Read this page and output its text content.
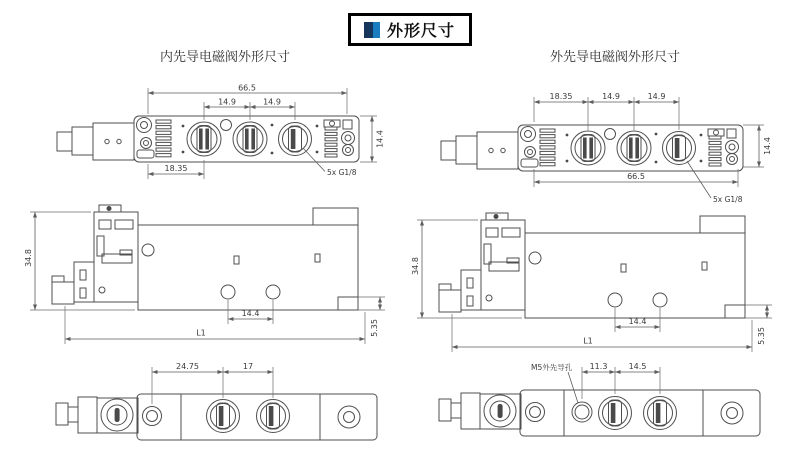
外形尺寸
内先导电磁阀外形尺寸	外先导电磁阀外形尺寸
66.5
14.9	14.9
18.35	5x G1/8
14.4
18.35	14.9	14.9
66.5
5x G1/8
14.4
34.8
14.4
L1	5.35
34.8
14.4
L1	5.35
24.75	17	11.3	14.5
M5外先导孔
